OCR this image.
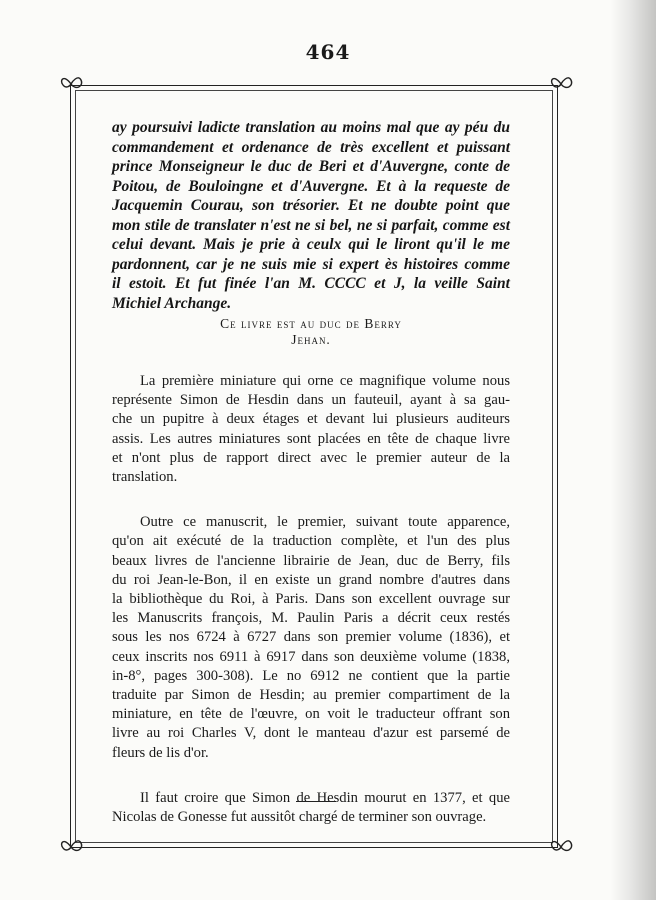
464
ay poursuivi ladicte translation au moins mal que ay péu du
commandement et ordenance de très excellent et puissant
prince Monseigneur le duc de Beri et d'Auvergne, conte de
Poitou, de Bouloingne et d'Auvergne. Et à la requeste de
Jacquemin Courau, son trésorier. Et ne doubte point que
mon stile de translater n'est ne si bel, ne si parfait, comme est
celui devant. Mais je prie à ceulx qui le liront qu'il le me
pardonnent, car je ne suis mie si expert ès histoires comme
il estoit. Et fut finée l'an M. CCCC et J, la veille Saint
Michiel Archange.
Ce livre est au duc de Berry
Jehan.
La première miniature qui orne ce magnifique volume nous
représente Simon de Hesdin dans un fauteuil, ayant à sa gau-
che un pupitre à deux étages et devant lui plusieurs auditeurs
assis. Les autres miniatures sont placées en tête de chaque livre
et n'ont plus de rapport direct avec le premier auteur de la
translation.
Outre ce manuscrit, le premier, suivant toute apparence,
qu'on ait exécuté de la traduction complète, et l'un des plus
beaux livres de l'ancienne librairie de Jean, duc de Berry, fils
du roi Jean-le-Bon, il en existe un grand nombre d'autres dans
la bibliothèque du Roi, à Paris. Dans son excellent ouvrage sur
les Manuscrits françois, M. Paulin Paris a décrit ceux restés
sous les nos 6724 à 6727 dans son premier volume (1836), et
ceux inscrits nos 6911 à 6917 dans son deuxième volume (1838,
in-8°, pages 300-308). Le no 6912 ne contient que la partie
traduite par Simon de Hesdin; au premier compartiment de la
miniature, en tête de l'œuvre, on voit le traducteur offrant son
livre au roi Charles V, dont le manteau d'azur est parsemé de
fleurs de lis d'or.
Il faut croire que Simon de Hesdin mourut en 1377, et que
Nicolas de Gonesse fut aussitôt chargé de terminer son ouvrage.
